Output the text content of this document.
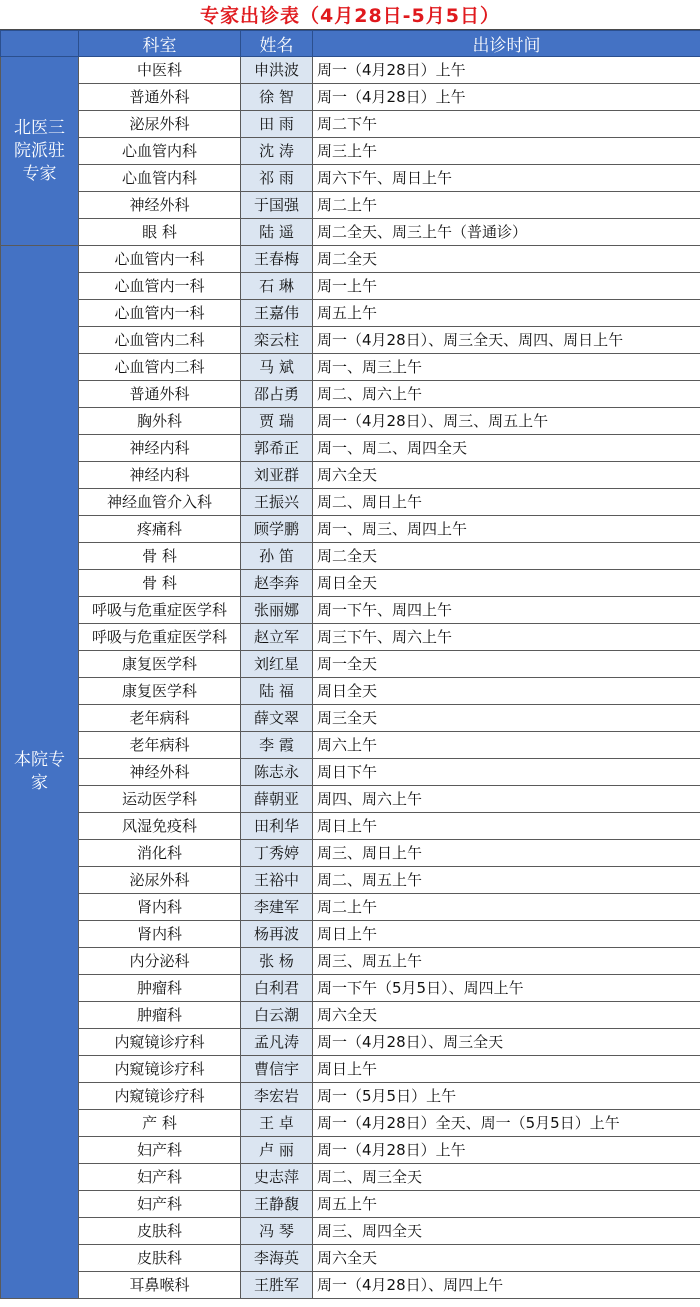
专家出诊表（4月28日-5月5日）
	科室	姓名	出诊时间
北医三院派驻专家	中医科	申洪波	周一（4月28日）上午
	普通外科	徐 智	周一（4月28日）上午
	泌尿外科	田 雨	周二下午
	心血管内科	沈 涛	周三上午
	心血管内科	祁 雨	周六下午、周日上午
	神经外科	于国强	周二上午
	眼 科	陆 遥	周二全天、周三上午（普通诊）
本院专家	心血管内一科	王春梅	周二全天
	心血管内一科	石 琳	周一上午
	心血管内一科	王嘉伟	周五上午
	心血管内二科	栾云柱	周一（4月28日）、周三全天、周四、周日上午
	心血管内二科	马 斌	周一、周三上午
	普通外科	邵占勇	周二、周六上午
	胸外科	贾 瑞	周一（4月28日）、周三、周五上午
	神经内科	郭希正	周一、周二、周四全天
	神经内科	刘亚群	周六全天
	神经血管介入科	王振兴	周二、周日上午
	疼痛科	顾学鹏	周一、周三、周四上午
	骨 科	孙 笛	周二全天
	骨 科	赵李奔	周日全天
	呼吸与危重症医学科	张丽娜	周一下午、周四上午
	呼吸与危重症医学科	赵立军	周三下午、周六上午
	康复医学科	刘红星	周一全天
	康复医学科	陆 福	周日全天
	老年病科	薛文翠	周三全天
	老年病科	李 霞	周六上午
	神经外科	陈志永	周日下午
	运动医学科	薛朝亚	周四、周六上午
	风湿免疫科	田利华	周日上午
	消化科	丁秀婷	周三、周日上午
	泌尿外科	王裕中	周二、周五上午
	肾内科	李建军	周二上午
	肾内科	杨再波	周日上午
	内分泌科	张 杨	周三、周五上午
	肿瘤科	白利君	周一下午（5月5日）、周四上午
	肿瘤科	白云潮	周六全天
	内窥镜诊疗科	孟凡涛	周一（4月28日）、周三全天
	内窥镜诊疗科	曹信宇	周日上午
	内窥镜诊疗科	李宏岩	周一（5月5日）上午
	产 科	王 卓	周一（4月28日）全天、周一（5月5日）上午
	妇产科	卢 丽	周一（4月28日）上午
	妇产科	史志萍	周二、周三全天
	妇产科	王静馥	周五上午
	皮肤科	冯 琴	周三、周四全天
	皮肤科	李海英	周六全天
	耳鼻喉科	王胜军	周一（4月28日）、周四上午
